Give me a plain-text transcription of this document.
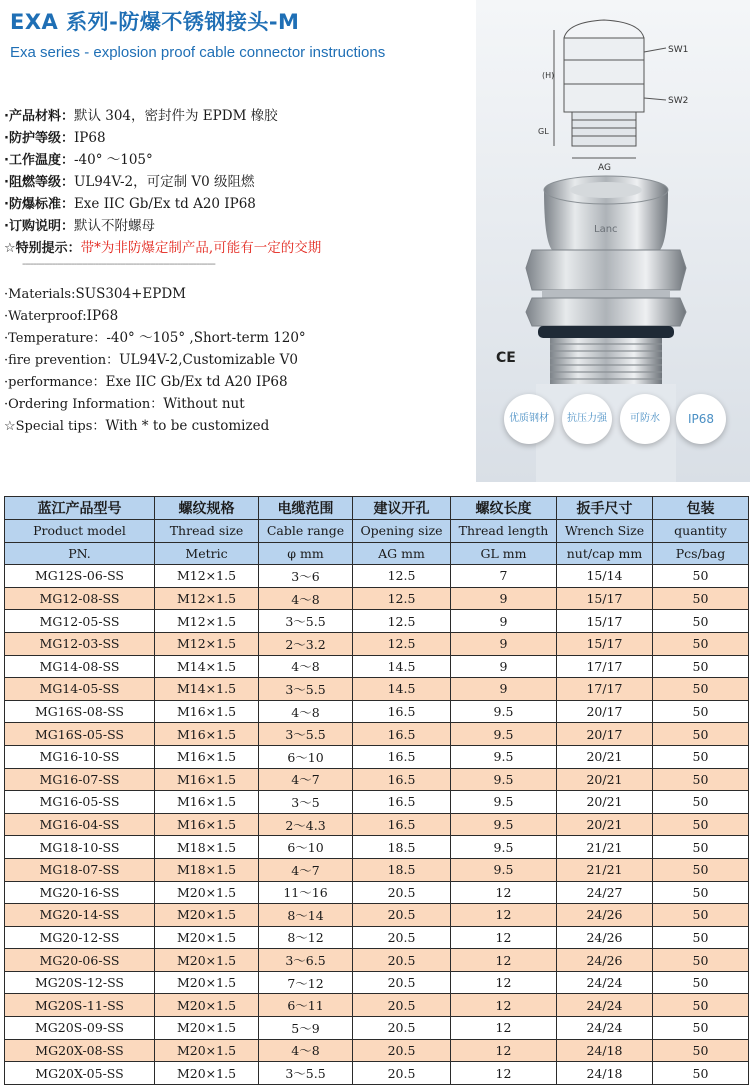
EXA 系列-防爆不锈钢接头-M
Exa series - explosion proof cable connector instructions
·产品材料：默认 304，密封件为 EPDM 橡胶
·防护等级：IP68
·工作温度：-40° ～105°
·阻燃等级：UL94V-2，可定制 V0 级阻燃
·防爆标准：Exe IIC Gb/Ex td A20 IP68
·订购说明：默认不附螺母
☆特别提示：带*为非防爆定制产品,可能有一定的交期
-----------------------------------------------------------------------
·Materials:SUS304+EPDM
·Waterproof:IP68
·Temperature：-40° ～105° ,Short-term 120°
·fire prevention：UL94V-2,Customizable V0
·performance：Exe IIC Gb/Ex td A20 IP68
·Ordering Information：Without nut
☆Special tips：With * to be customized
SW1
SW2
(H)
GL
AG
Lanc
CE
优质钢材	抗压力强	可防水	IP68
蓝江产品型号	螺纹规格	电缆范围	建议开孔	螺纹长度	扳手尺寸	包装
Product model	Thread size	Cable range	Opening size	Thread length	Wrench Size	quantity
PN.	Metric	φ mm	AG mm	GL mm	nut/cap mm	Pcs/bag
MG12S-06-SS	M12×1.5	3～6	12.5	7	15/14	50
MG12-08-SS	M12×1.5	4～8	12.5	9	15/17	50
MG12-05-SS	M12×1.5	3～5.5	12.5	9	15/17	50
MG12-03-SS	M12×1.5	2～3.2	12.5	9	15/17	50
MG14-08-SS	M14×1.5	4～8	14.5	9	17/17	50
MG14-05-SS	M14×1.5	3～5.5	14.5	9	17/17	50
MG16S-08-SS	M16×1.5	4～8	16.5	9.5	20/17	50
MG16S-05-SS	M16×1.5	3～5.5	16.5	9.5	20/17	50
MG16-10-SS	M16×1.5	6～10	16.5	9.5	20/21	50
MG16-07-SS	M16×1.5	4～7	16.5	9.5	20/21	50
MG16-05-SS	M16×1.5	3～5	16.5	9.5	20/21	50
MG16-04-SS	M16×1.5	2～4.3	16.5	9.5	20/21	50
MG18-10-SS	M18×1.5	6～10	18.5	9.5	21/21	50
MG18-07-SS	M18×1.5	4～7	18.5	9.5	21/21	50
MG20-16-SS	M20×1.5	11～16	20.5	12	24/27	50
MG20-14-SS	M20×1.5	8～14	20.5	12	24/26	50
MG20-12-SS	M20×1.5	8～12	20.5	12	24/26	50
MG20-06-SS	M20×1.5	3～6.5	20.5	12	24/26	50
MG20S-12-SS	M20×1.5	7～12	20.5	12	24/24	50
MG20S-11-SS	M20×1.5	6～11	20.5	12	24/24	50
MG20S-09-SS	M20×1.5	5～9	20.5	12	24/24	50
MG20X-08-SS	M20×1.5	4～8	20.5	12	24/18	50
MG20X-05-SS	M20×1.5	3～5.5	20.5	12	24/18	50
